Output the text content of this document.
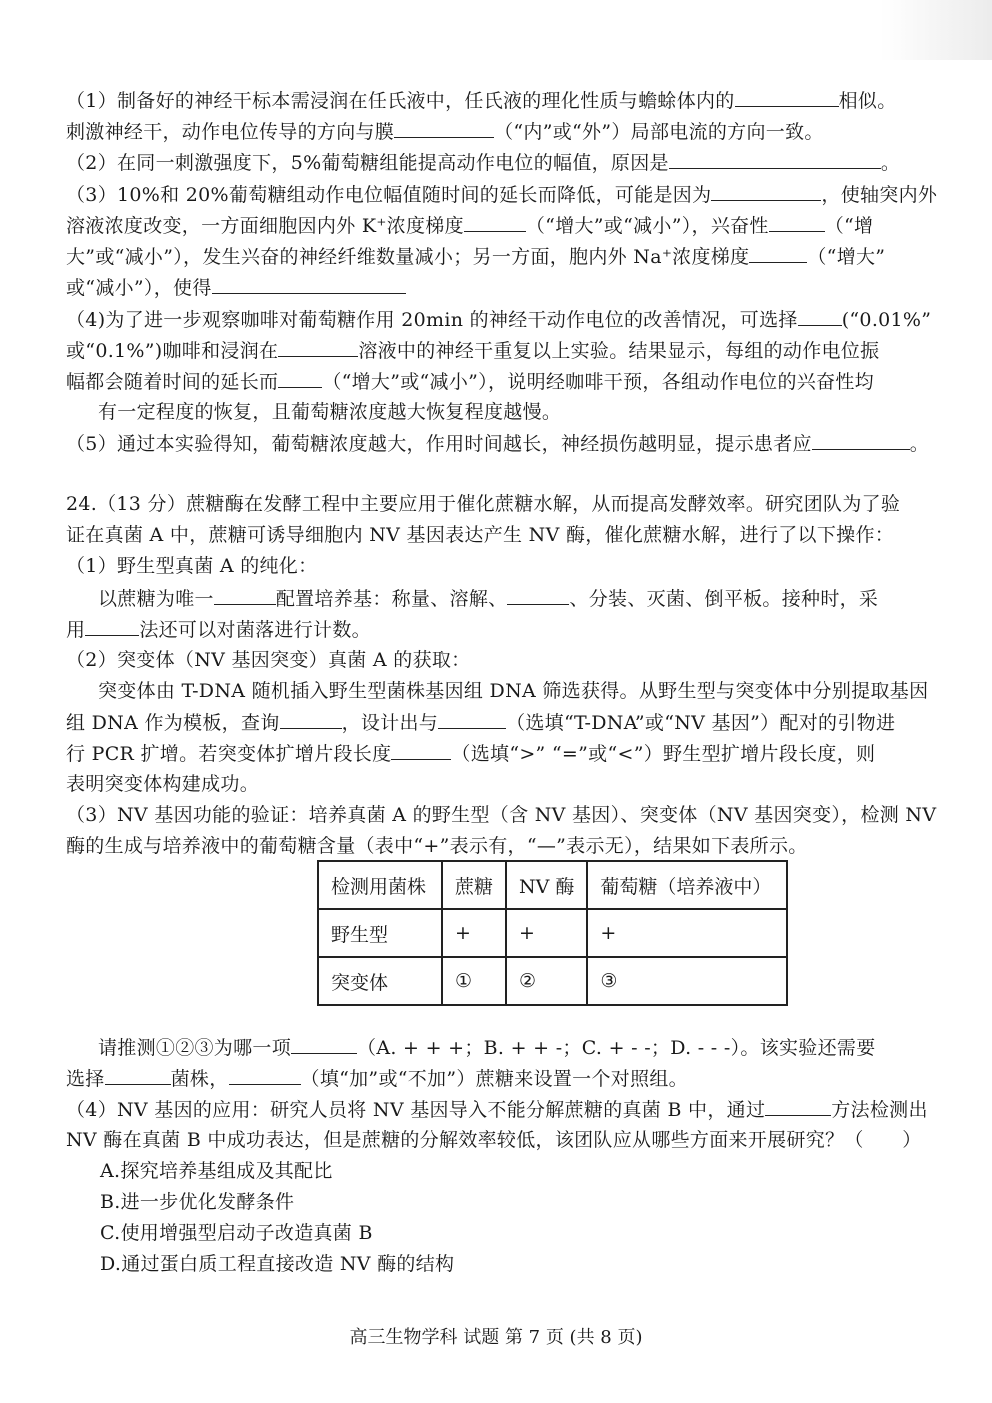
（1）制备好的神经干标本需浸润在任氏液中，任氏液的理化性质与蟾蜍体内的	相似。
刺激神经干，动作电位传导的方向与膜	（“内”或“外”）局部电流的方向一致。
（2）在同一刺激强度下，5%葡萄糖组能提高动作电位的幅值，原因是	。
（3）10%和 20%葡萄糖组动作电位幅值随时间的延长而降低，可能是因为	，使轴突内外
溶液浓度改变，一方面细胞因内外 K⁺浓度梯度	（“增大”或“减小”），兴奋性	（“增
大”或“减小”），发生兴奋的神经纤维数量减小；另一方面，胞内外 Na⁺浓度梯度	（“增大”
或“减小”），使得
（4)为了进一步观察咖啡对葡萄糖作用 20min 的神经干动作电位的改善情况，可选择 (“0.01%”
或“0.1%”)咖啡和浸润在	溶液中的神经干重复以上实验。结果显示，每组的动作电位振
幅都会随着时间的延长而 （“增大”或“减小”），说明经咖啡干预，各组动作电位的兴奋性均
有一定程度的恢复，且葡萄糖浓度越大恢复程度越慢。
（5）通过本实验得知，葡萄糖浓度越大，作用时间越长，神经损伤越明显，提示患者应	。
24.（13 分）蔗糖酶在发酵工程中主要应用于催化蔗糖水解，从而提高发酵效率。研究团队为了验
证在真菌 A 中，蔗糖可诱导细胞内 NV 基因表达产生 NV 酶，催化蔗糖水解，进行了以下操作：
（1）野生型真菌 A 的纯化：
以蔗糖为唯一	配置培养基：称量、溶解、	、分装、灭菌、倒平板。接种时，采
用	法还可以对菌落进行计数。
（2）突变体（NV 基因突变）真菌 A 的获取：
突变体由 T-DNA 随机插入野生型菌株基因组 DNA 筛选获得。从野生型与突变体中分别提取基因
组 DNA 作为模板，查询	，设计出与	（选填“T-DNA”或“NV 基因”）配对的引物进
行 PCR 扩增。若突变体扩增片段长度	（选填“>” “=”或“<”）野生型扩增片段长度，则
表明突变体构建成功。
（3）NV 基因功能的验证：培养真菌 A 的野生型（含 NV 基因）、突变体（NV 基因突变），检测 NV
酶的生成与培养液中的葡萄糖含量（表中“+”表示有，“—”表示无），结果如下表所示。
检测用菌株	蔗糖	NV 酶	葡萄糖（培养液中）
野生型	+	+	+
突变体	①	②	③
请推测①②③为哪一项	（A. + + +；B. + + -；C. + - -；D. - - -）。该实验还需要
选择	菌株，	（填“加”或“不加”）蔗糖来设置一个对照组。
（4）NV 基因的应用：研究人员将 NV 基因导入不能分解蔗糖的真菌 B 中，通过	方法检测出
NV 酶在真菌 B 中成功表达，但是蔗糖的分解效率较低，该团队应从哪些方面来开展研究？（　　）
A.探究培养基组成及其配比
B.进一步优化发酵条件
C.使用增强型启动子改造真菌 B
D.通过蛋白质工程直接改造 NV 酶的结构
高三生物学科 试题 第 7 页 (共 8 页)
